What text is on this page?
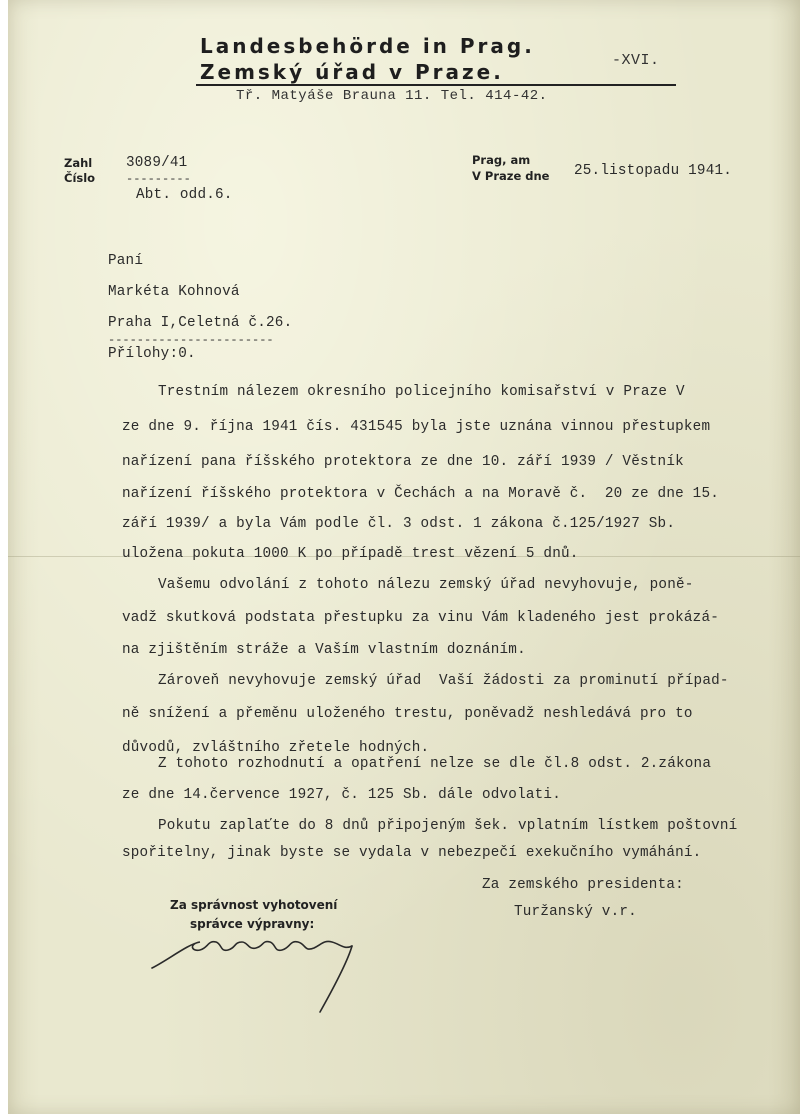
Landesbehörde in Prag.
Zemský úřad v Praze.	-XVI.
Tř. Matyáše Brauna 11. Tel. 414-42.
Zahl
Číslo
3089/41
---------
Abt. odd.6.
Prag, am
V Praze dne 25.listopadu 1941.
Paní
Markéta Kohnová
Praha I,Celetná č.26.
-----------------------
Přílohy:0.
Trestním nálezem okresního policejního komisařství v Praze V
ze dne 9. října 1941 čís. 431545 byla jste uznána vinnou přestupkem
nařízení pana říšského protektora ze dne 10. září 1939 / Věstník
nařízení říšského protektora v Čechách a na Moravě č.  20 ze dne 15.
září 1939/ a byla Vám podle čl. 3 odst. 1 zákona č.125/1927 Sb.
uložena pokuta 1000 K po případě trest vězení 5 dnů.
Vašemu odvolání z tohoto nálezu zemský úřad nevyhovuje, poně-
vadž skutková podstata přestupku za vinu Vám kladeného jest prokázá-
na zjištěním stráže a Vaším vlastním doznáním.
Zároveň nevyhovuje zemský úřad  Vaší žádosti za prominutí případ-
ně snížení a přeměnu uloženého trestu, poněvadž neshledává pro to
důvodů, zvláštního zřetele hodných.
Z tohoto rozhodnutí a opatření nelze se dle čl.8 odst. 2.zákona
ze dne 14.července 1927, č. 125 Sb. dále odvolati.
Pokutu zaplaťte do 8 dnů připojeným šek. vplatním lístkem poštovní
spořitelny, jinak byste se vydala v nebezpečí exekučního vymáhání.
Za zemského presidenta:
Turžanský v.r.
Za správnost vyhotovení
správce výpravny:
